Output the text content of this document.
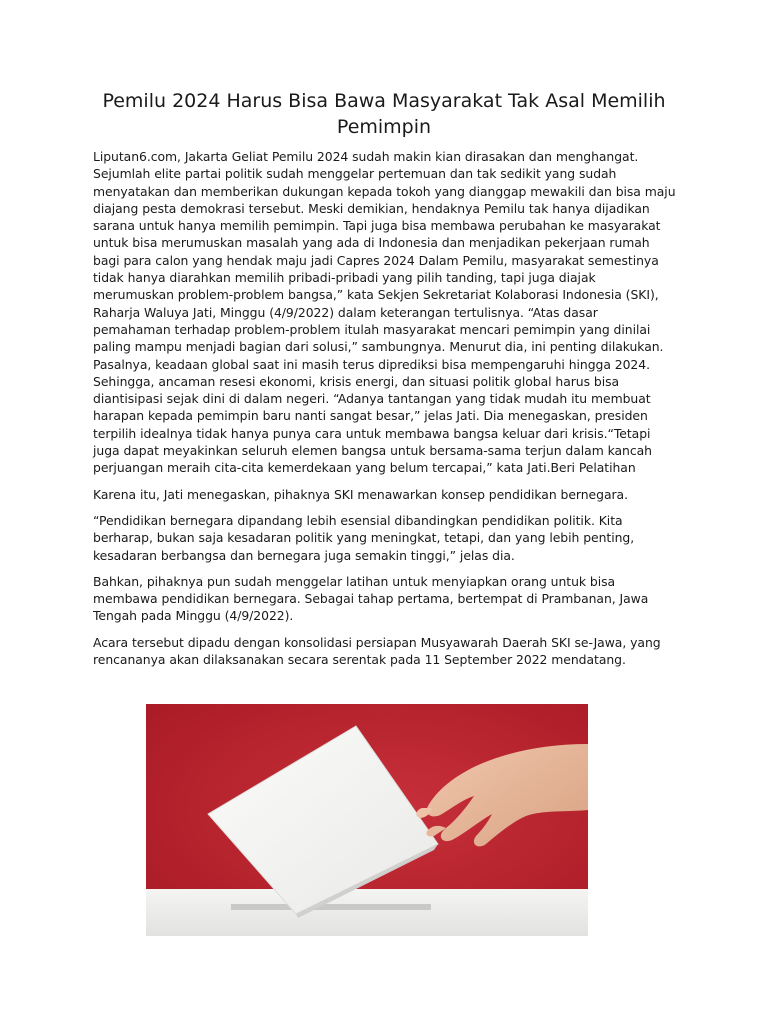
Pemilu 2024 Harus Bisa Bawa Masyarakat Tak Asal Memilih Pemimpin

Liputan6.com, Jakarta Geliat Pemilu 2024 sudah makin kian dirasakan dan menghangat. Sejumlah elite partai politik sudah menggelar pertemuan dan tak sedikit yang sudah menyatakan dan memberikan dukungan kepada tokoh yang dianggap mewakili dan bisa maju diajang pesta demokrasi tersebut. Meski demikian, hendaknya Pemilu tak hanya dijadikan sarana untuk hanya memilih pemimpin. Tapi juga bisa membawa perubahan ke masyarakat untuk bisa merumuskan masalah yang ada di Indonesia dan menjadikan pekerjaan rumah bagi para calon yang hendak maju jadi Capres 2024 Dalam Pemilu, masyarakat semestinya tidak hanya diarahkan memilih pribadi-pribadi yang pilih tanding, tapi juga diajak merumuskan problem-problem bangsa,” kata Sekjen Sekretariat Kolaborasi Indonesia (SKI), Raharja Waluya Jati, Minggu (4/9/2022) dalam keterangan tertulisnya. “Atas dasar pemahaman terhadap problem-problem itulah masyarakat mencari pemimpin yang dinilai paling mampu menjadi bagian dari solusi,” sambungnya. Menurut dia, ini penting dilakukan. Pasalnya, keadaan global saat ini masih terus diprediksi bisa mempengaruhi hingga 2024. Sehingga, ancaman resesi ekonomi, krisis energi, dan situasi politik global harus bisa diantisipasi sejak dini di dalam negeri. “Adanya tantangan yang tidak mudah itu membuat harapan kepada pemimpin baru nanti sangat besar,” jelas Jati. Dia menegaskan, presiden terpilih idealnya tidak hanya punya cara untuk membawa bangsa keluar dari krisis.“Tetapi juga dapat meyakinkan seluruh elemen bangsa untuk bersama-sama terjun dalam kancah perjuangan meraih cita-cita kemerdekaan yang belum tercapai,” kata Jati.Beri Pelatihan

Karena itu, Jati menegaskan, pihaknya SKI menawarkan konsep pendidikan bernegara.

“Pendidikan bernegara dipandang lebih esensial dibandingkan pendidikan politik. Kita berharap, bukan saja kesadaran politik yang meningkat, tetapi, dan yang lebih penting, kesadaran berbangsa dan bernegara juga semakin tinggi,” jelas dia.

Bahkan, pihaknya pun sudah menggelar latihan untuk menyiapkan orang untuk bisa membawa pendidikan bernegara. Sebagai tahap pertama, bertempat di Prambanan, Jawa Tengah pada Minggu (4/9/2022).

Acara tersebut dipadu dengan konsolidasi persiapan Musyawarah Daerah SKI se-Jawa, yang rencananya akan dilaksanakan secara serentak pada 11 September 2022 mendatang.
